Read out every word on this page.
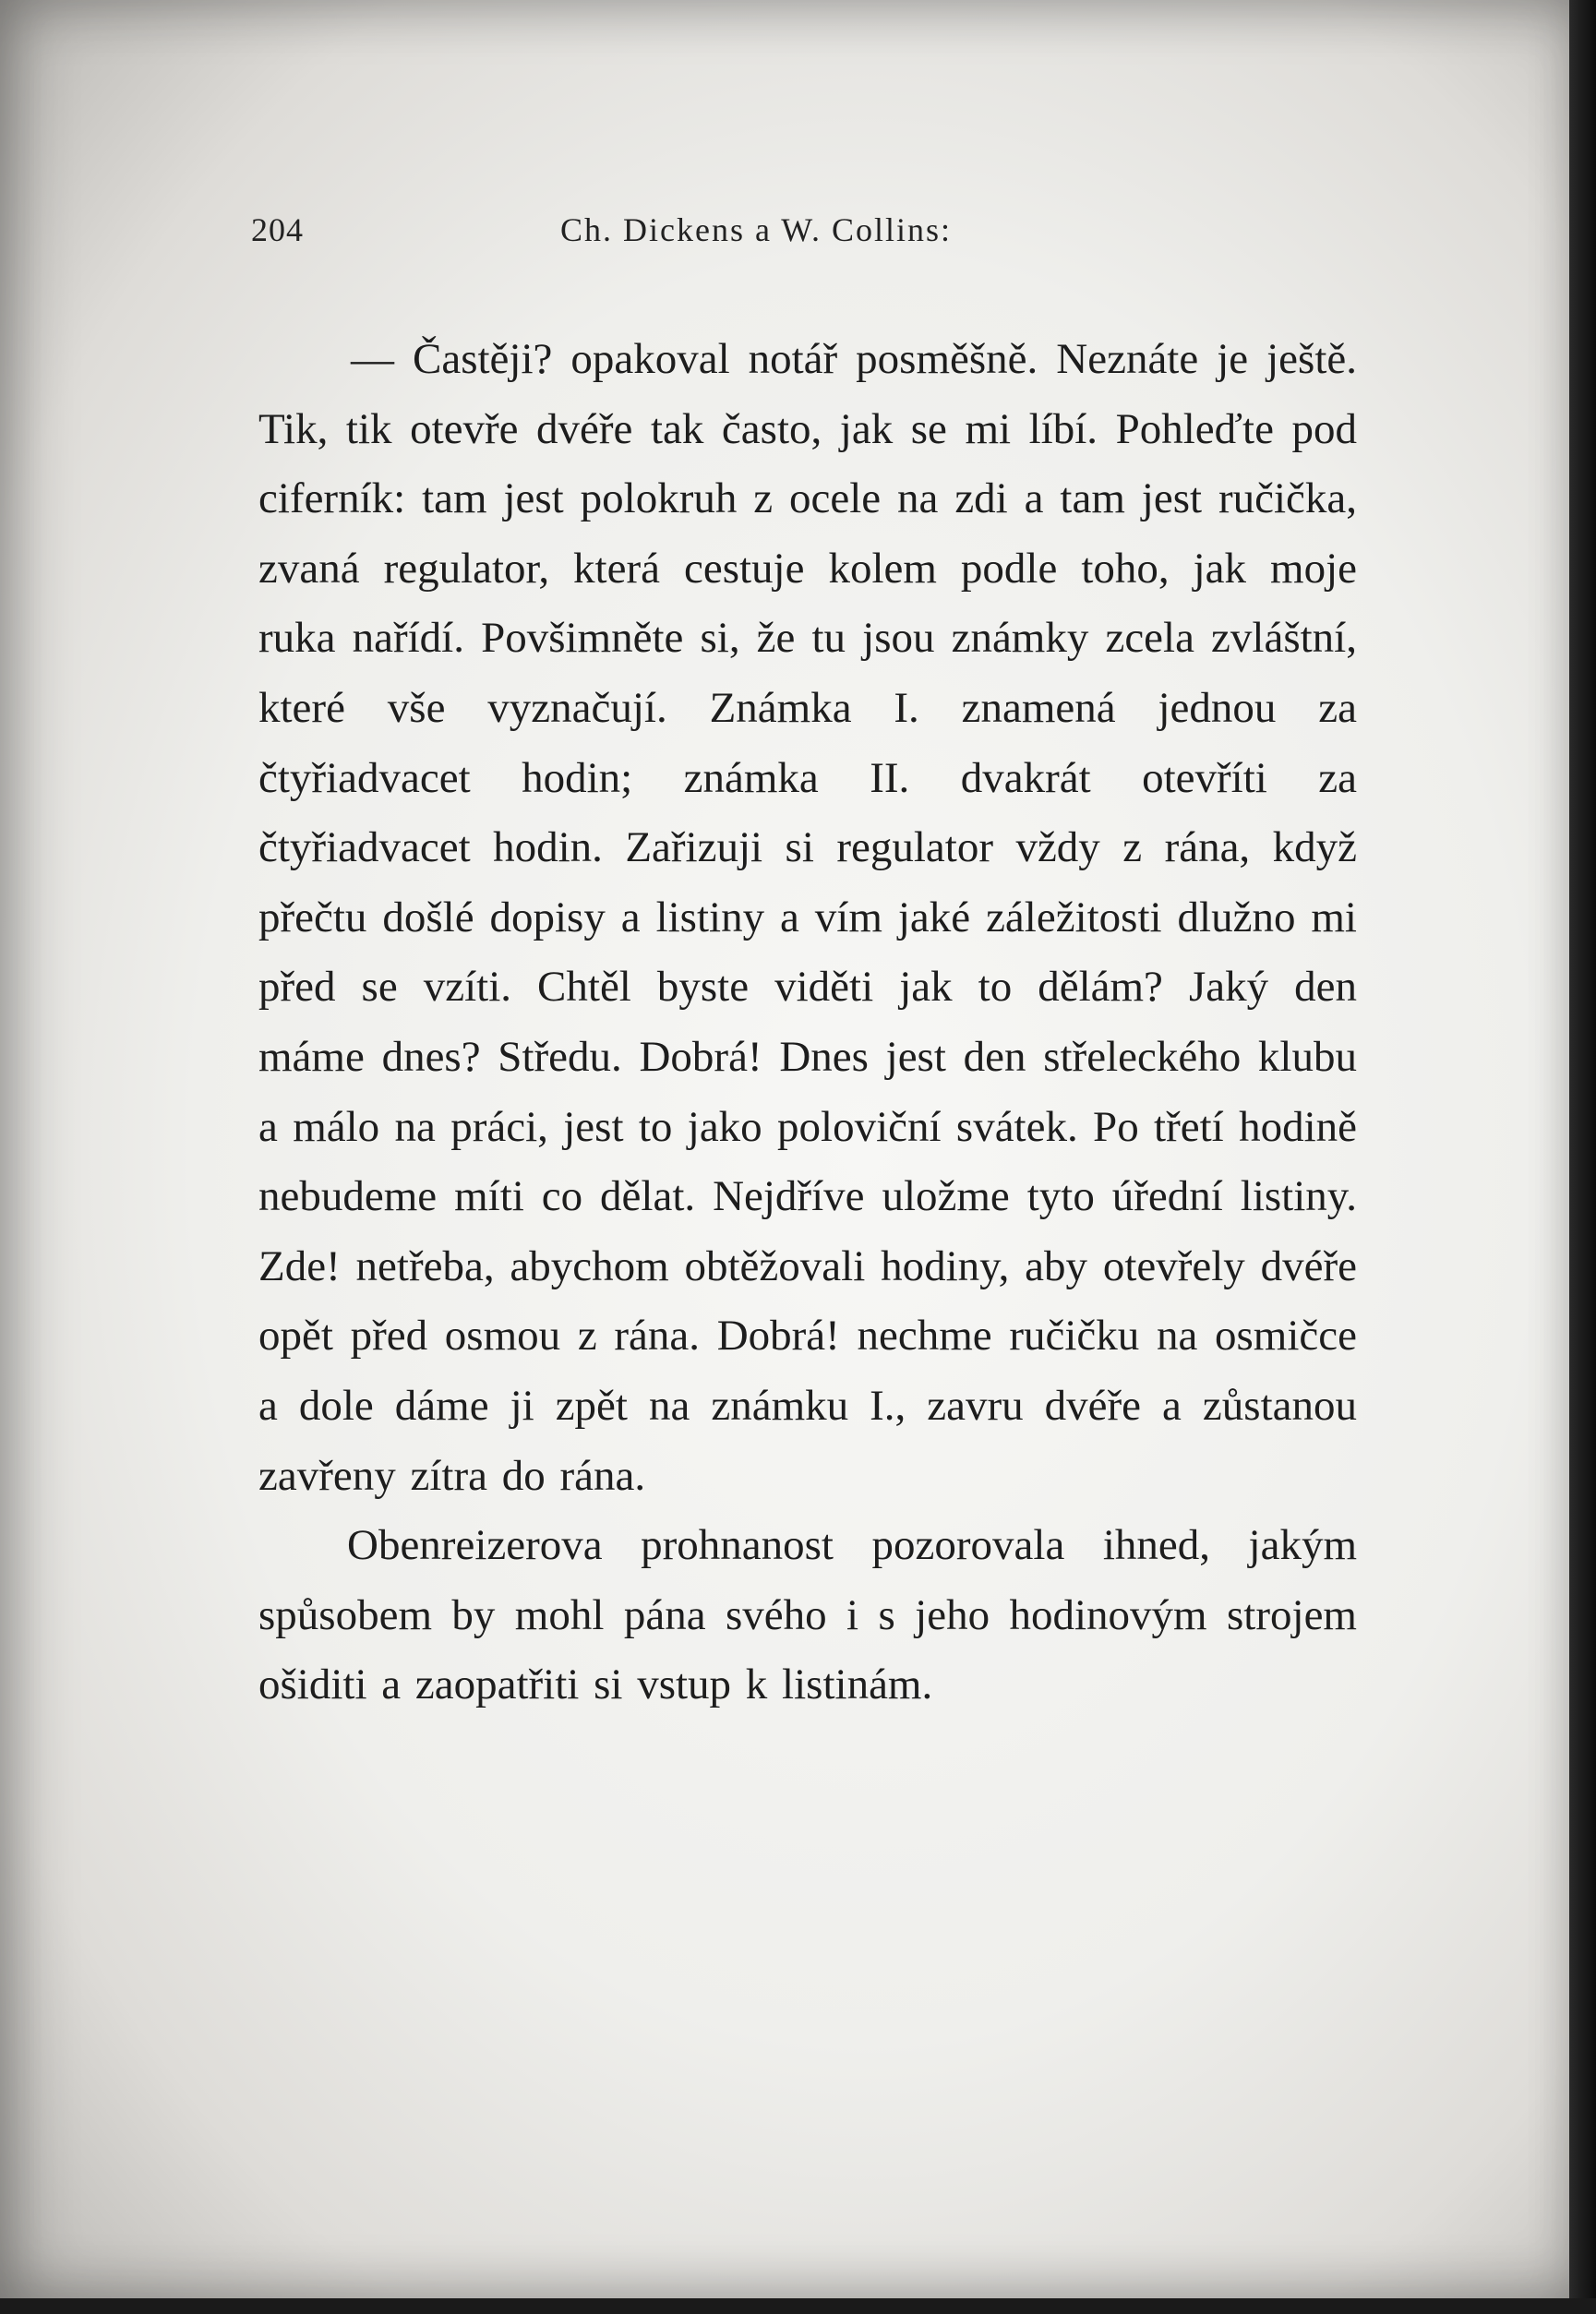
204	Ch. Dickens a W. Collins:

— Častěji? opakoval notář posměšně. Neznáte je ještě. Tik, tik otevře dvéře tak často, jak se mi líbí. Pohleďte pod ciferník: tam jest polokruh z ocele na zdi a tam jest ručička, zvaná regulator, která cestuje kolem podle toho, jak moje ruka nařídí. Povšimněte si, že tu jsou známky zcela zvláštní, které vše vyznačují. Známka I. znamená jednou za čtyřiadvacet hodin; známka II. dvakrát otevříti za čtyřiadvacet hodin. Zařizuji si regulator vždy z rána, když přečtu došlé dopisy a listiny a vím jaké záležitosti dlužno mi před se vzíti. Chtěl byste viděti jak to dělám? Jaký den máme dnes? Středu. Dobrá! Dnes jest den střeleckého klubu a málo na práci, jest to jako poloviční svátek. Po třetí hodině nebudeme míti co dělat. Nejdříve uložme tyto úřední listiny. Zde! netřeba, abychom obtěžovali hodiny, aby otevřely dvéře opět před osmou z rána. Dobrá! nechme ručičku na osmičce a dole dáme ji zpět na známku I., zavru dvéře a zůstanou zavřeny zítra do rána.

Obenreizerova prohnanost pozorovala ihned, jakým spůsobem by mohl pána svého i s jeho hodinovým strojem ošiditi a zaopatřiti si vstup k listinám.
